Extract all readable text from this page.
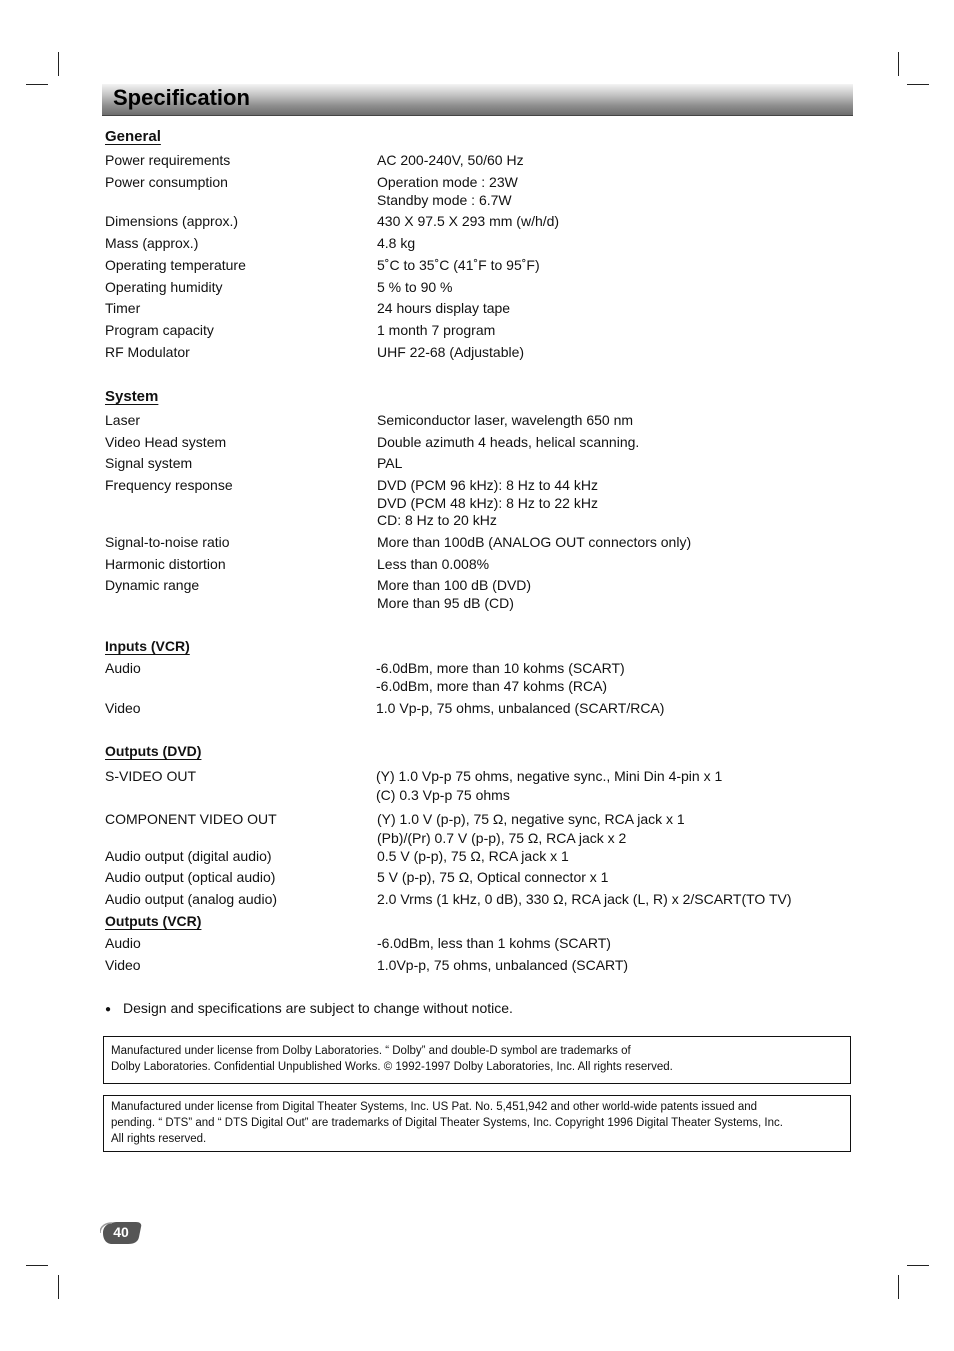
Specification
General
Power requirements	AC 200-240V, 50/60 Hz
Power consumption	Operation mode : 23W
Standby mode : 6.7W
Dimensions (approx.)	430 X 97.5 X 293 mm (w/h/d)
Mass (approx.)	4.8 kg
Operating temperature	5˚C to 35˚C (41˚F to 95˚F)
Operating humidity	5 % to 90 %
Timer	24 hours display tape
Program capacity	1 month 7 program
RF Modulator	UHF 22-68 (Adjustable)
System
Laser	Semiconductor laser, wavelength 650 nm
Video Head system	Double azimuth 4 heads, helical scanning.
Signal system	PAL
Frequency response	DVD (PCM 96 kHz): 8 Hz to 44 kHz
DVD (PCM 48 kHz): 8 Hz to 22 kHz
CD: 8 Hz to 20 kHz
Signal-to-noise ratio	More than 100dB (ANALOG OUT connectors only)
Harmonic distortion	Less than 0.008%
Dynamic range	More than 100 dB (DVD)
More than 95 dB (CD)
Inputs (VCR)
Audio	-6.0dBm, more than 10 kohms (SCART)
-6.0dBm, more than 47 kohms (RCA)
Video	1.0 Vp-p, 75 ohms, unbalanced (SCART/RCA)
Outputs (DVD)
S-VIDEO OUT	(Y) 1.0 Vp-p 75 ohms, negative sync., Mini Din 4-pin x 1
(C) 0.3 Vp-p 75 ohms
COMPONENT VIDEO OUT	(Y) 1.0 V (p-p), 75 Ω, negative sync, RCA jack x 1
(Pb)/(Pr) 0.7 V (p-p), 75 Ω, RCA jack x 2
Audio output (digital audio)	0.5 V (p-p), 75 Ω, RCA jack x 1
Audio output (optical audio)	5 V (p-p), 75 Ω, Optical connector x 1
Audio output (analog audio)	2.0 Vrms (1 kHz, 0 dB), 330 Ω, RCA jack (L, R) x 2/SCART(TO TV)
Outputs (VCR)
Audio	-6.0dBm, less than 1 kohms (SCART)
Video	1.0Vp-p, 75 ohms, unbalanced (SCART)
● Design and specifications are subject to change without notice.
Manufactured under license from Dolby Laboratories. “ Dolby” and double-D symbol are trademarks of
Dolby Laboratories. Confidential Unpublished Works. © 1992-1997 Dolby Laboratories, Inc. All rights reserved.
Manufactured under license from Digital Theater Systems, Inc. US Pat. No. 5,451,942 and other world-wide patents issued and
pending. “ DTS” and “ DTS Digital Out” are trademarks of Digital Theater Systems, Inc. Copyright 1996 Digital Theater Systems, Inc.
All rights reserved.
40
